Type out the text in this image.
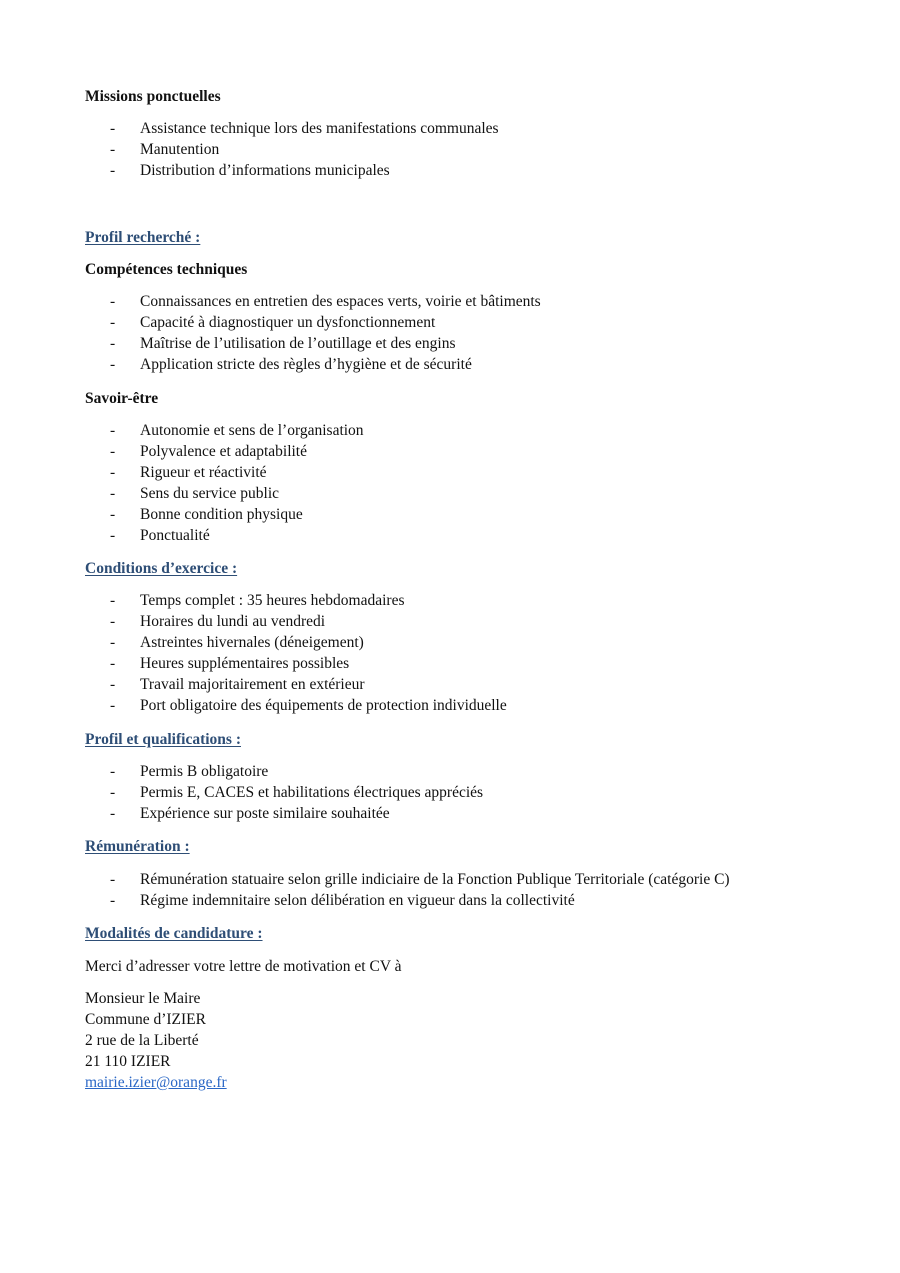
Missions ponctuelles
- Assistance technique lors des manifestations communales
- Manutention
- Distribution d’informations municipales
Profil recherché :
Compétences techniques
- Connaissances en entretien des espaces verts, voirie et bâtiments
- Capacité à diagnostiquer un dysfonctionnement
- Maîtrise de l’utilisation de l’outillage et des engins
- Application stricte des règles d’hygiène et de sécurité
Savoir-être
- Autonomie et sens de l’organisation
- Polyvalence et adaptabilité
- Rigueur et réactivité
- Sens du service public
- Bonne condition physique
- Ponctualité
Conditions d’exercice :
- Temps complet : 35 heures hebdomadaires
- Horaires du lundi au vendredi
- Astreintes hivernales (déneigement)
- Heures supplémentaires possibles
- Travail majoritairement en extérieur
- Port obligatoire des équipements de protection individuelle
Profil et qualifications :
- Permis B obligatoire
- Permis E, CACES et habilitations électriques appréciés
- Expérience sur poste similaire souhaitée
Rémunération :
- Rémunération statuaire selon grille indiciaire de la Fonction Publique Territoriale (catégorie C)
- Régime indemnitaire selon délibération en vigueur dans la collectivité
Modalités de candidature :
Merci d’adresser votre lettre de motivation et CV à
Monsieur le Maire
Commune d’IZIER
2 rue de la Liberté
21 110 IZIER
mairie.izier@orange.fr
